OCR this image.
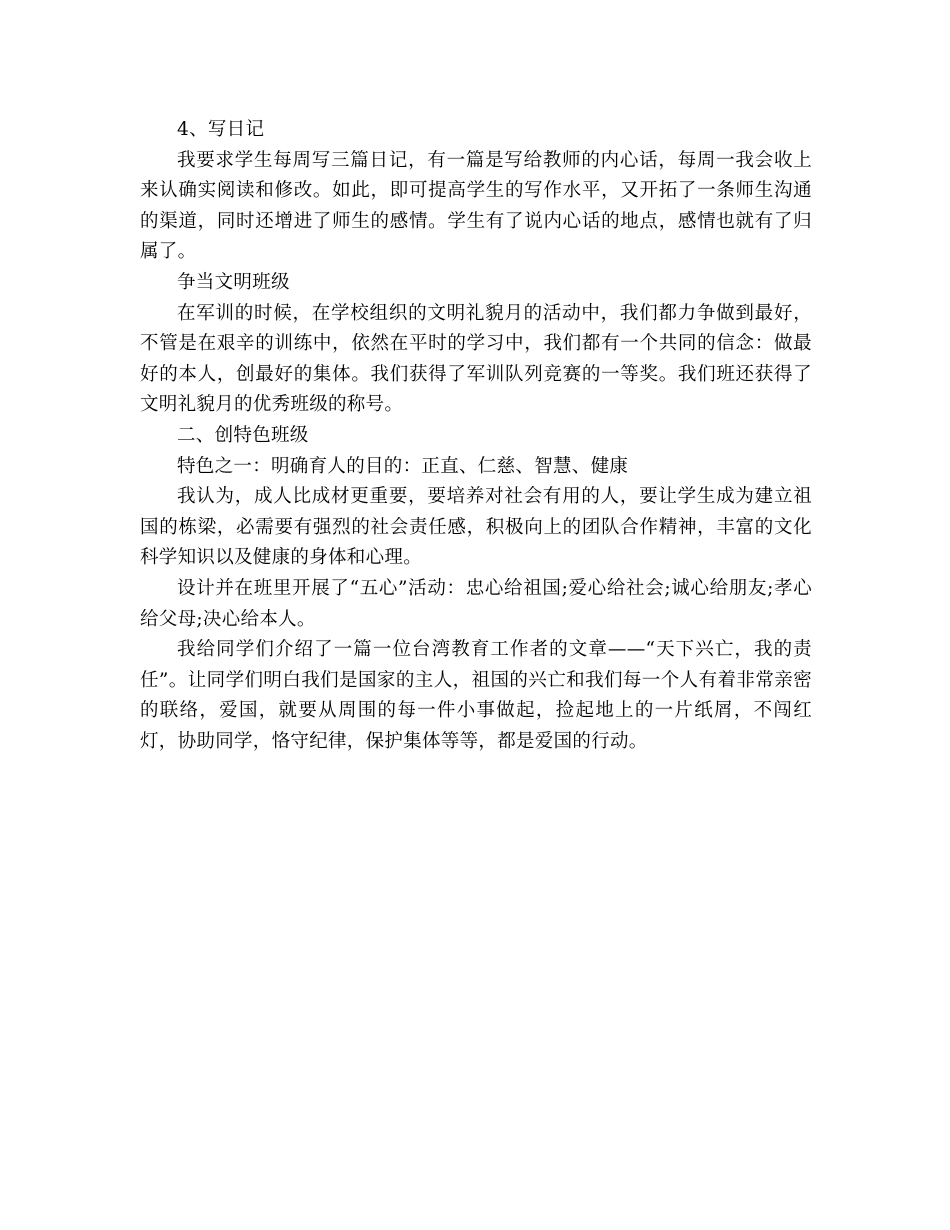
4、写日记

我要求学生每周写三篇日记，有一篇是写给教师的内心话，每周一我会收上来认确实阅读和修改。如此，即可提高学生的写作水平，又开拓了一条师生沟通的渠道，同时还增进了师生的感情。学生有了说内心话的地点，感情也就有了归属了。

争当文明班级

在军训的时候，在学校组织的文明礼貌月的活动中，我们都力争做到最好，不管是在艰辛的训练中，依然在平时的学习中，我们都有一个共同的信念：做最好的本人，创最好的集体。我们获得了军训队列竞赛的一等奖。我们班还获得了文明礼貌月的优秀班级的称号。

二、创特色班级

特色之一：明确育人的目的：正直、仁慈、智慧、健康

我认为，成人比成材更重要，要培养对社会有用的人，要让学生成为建立祖国的栋梁，必需要有强烈的社会责任感，积极向上的团队合作精神，丰富的文化科学知识以及健康的身体和心理。

设计并在班里开展了“五心”活动：忠心给祖国;爱心给社会;诚心给朋友;孝心给父母;决心给本人。

我给同学们介绍了一篇一位台湾教育工作者的文章——“天下兴亡，我的责任”。让同学们明白我们是国家的主人，祖国的兴亡和我们每一个人有着非常亲密的联络，爱国，就要从周围的每一件小事做起，捡起地上的一片纸屑，不闯红灯，协助同学，恪守纪律，保护集体等等，都是爱国的行动。
